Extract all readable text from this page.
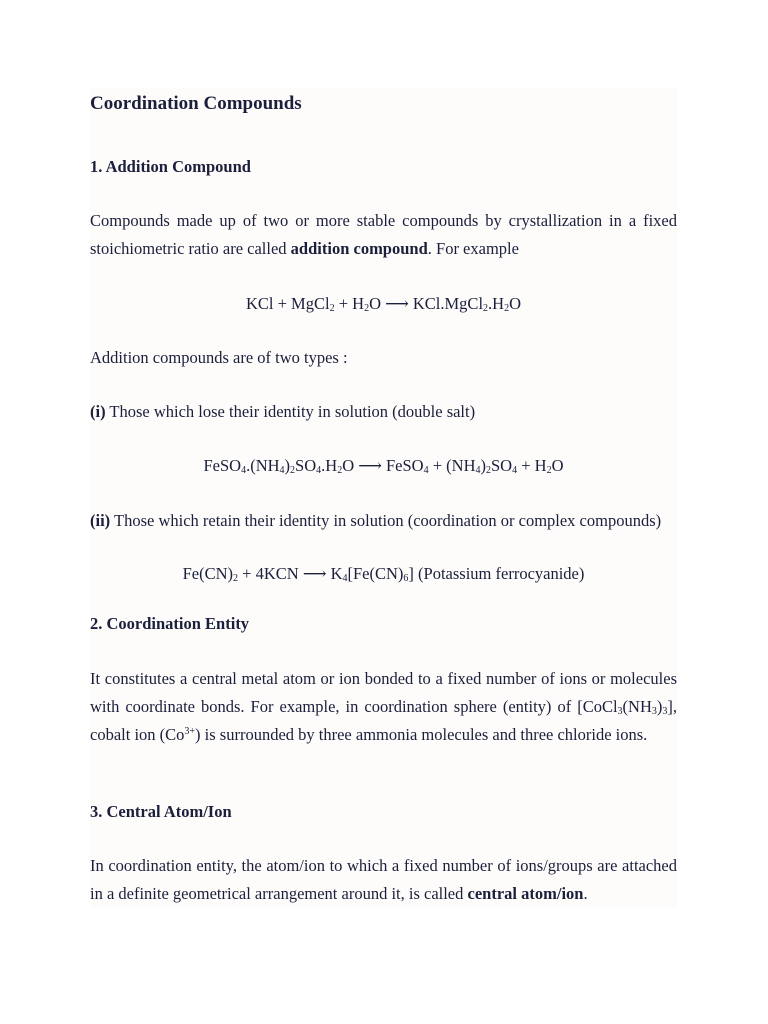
Coordination Compounds
1. Addition Compound

Compounds made up of two or more stable compounds by crystallization in a fixed stoichiometric ratio are called addition compound. For example

KCl + MgCl$_2$ + $H_2O$ ⟶ $KCl.MgCl_2.H_2O$

Addition compounds are of two types :

(i) Those which lose their identity in solution (double salt)

$FeSO_4.(NH_4)_2SO_4.H_2O$ ⟶ FeSO$_4$ + $(NH_4)_2SO_4 + H_2O$

(ii) Those which retain their identity in solution (coordination or complex compounds)

$Fe(CN)_2 + 4KCN$ ⟶ $K_4[Fe(CN)_6]$ (Potassium ferrocyanide)

2. Coordination Entity

It constitutes a central metal atom or ion bonded to a fixed number of ions or molecules with coordinate bonds. For example, in coordination sphere (entity) of $[CoCl_3(NH_3)_3]$, cobalt ion $(Co^{3+})$ is surrounded by three ammonia molecules and three chloride ions.

3. Central Atom/Ion

In coordination entity, the atom/ion to which a fixed number of ions/groups are attached in a definite geometrical arrangement around it, is called central atom/ion.
